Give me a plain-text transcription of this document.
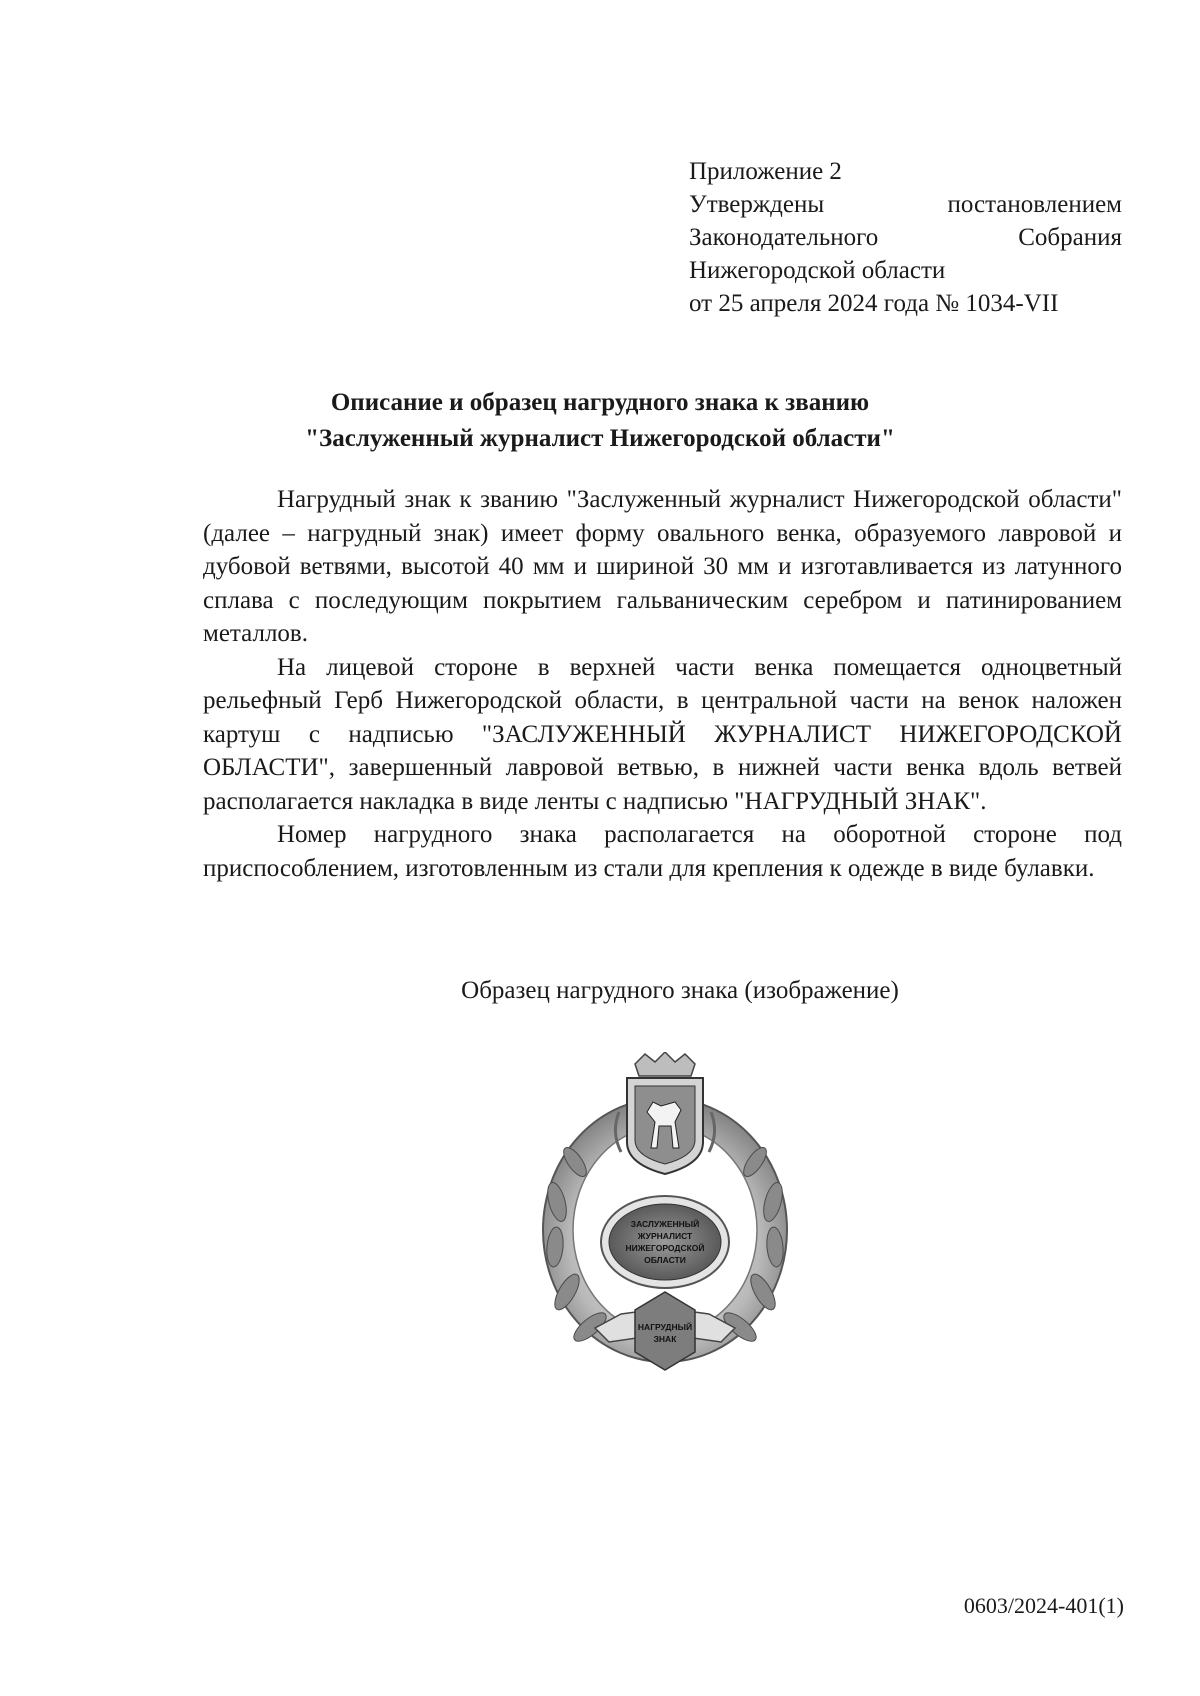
Приложение 2
Утверждены	постановлением
Законодательного	Собрания
Нижегородской области
от 25 апреля 2024 года № 1034-VII
Описание и образец нагрудного знака к званию
"Заслуженный журналист Нижегородской области"

Нагрудный знак к званию "Заслуженный журналист Нижегородской области" (далее – нагрудный знак) имеет форму овального венка, образуемого лавровой и дубовой ветвями, высотой 40 мм и шириной 30 мм и изготавливается из латунного сплава с последующим покрытием гальваническим серебром и патинированием металлов.

На лицевой стороне в верхней части венка помещается одноцветный рельефный Герб Нижегородской области, в центральной части на венок наложен картуш с надписью "ЗАСЛУЖЕННЫЙ ЖУРНАЛИСТ НИЖЕГОРОДСКОЙ ОБЛАСТИ", завершенный лавровой ветвью, в нижней части венка вдоль ветвей располагается накладка в виде ленты с надписью "НАГРУДНЫЙ ЗНАК".

Номер нагрудного знака располагается на оборотной стороне под приспособлением, изготовленным из стали для крепления к одежде в виде булавки.

Образец нагрудного знака (изображение)
ЗАСЛУЖЕННЫЙ
ЖУРНАЛИСТ
НИЖЕГОРОДСКОЙ
ОБЛАСТИ
НАГРУДНЫЙ
ЗНАК
0603/2024-401(1)
